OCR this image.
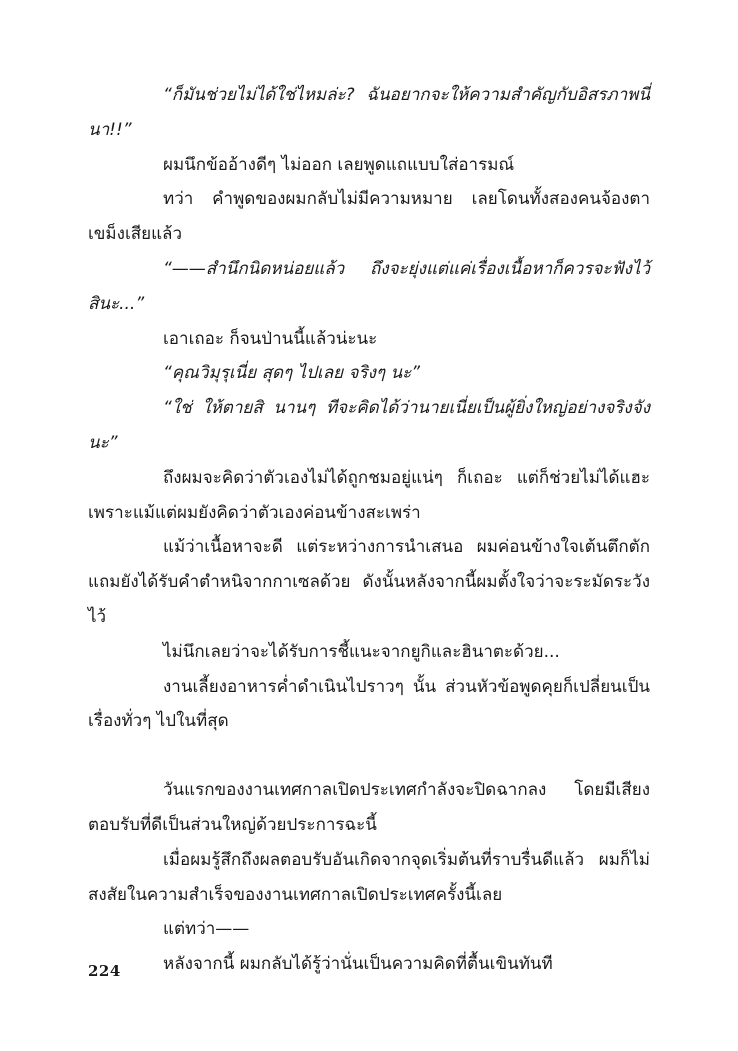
“ก็มันช่วยไม่ได้ใช่ไหมล่ะ? ฉันอยากจะให้ความสำคัญกับอิสรภาพนี่นา!!”

ผมนึกข้ออ้างดีๆ ไม่ออก เลยพูดแถแบบใส่อารมณ์

ทว่า คำพูดของผมกลับไม่มีความหมาย เลยโดนทั้งสองคนจ้องตาเขม็งเสียแล้ว

“——สำนึกนิดหน่อยแล้ว ถึงจะยุ่งแต่แค่เรื่องเนื้อหาก็ควรจะฟังไว้สินะ...”

เอาเถอะ ก็จนป่านนี้แล้วน่ะนะ

“คุณวิมุรุเนี่ย สุดๆ ไปเลย จริงๆ นะ”

“ใช่ ให้ตายสิ นานๆ ทีจะคิดได้ว่านายเนี่ยเป็นผู้ยิ่งใหญ่อย่างจริงจังนะ”

ถึงผมจะคิดว่าตัวเองไม่ได้ถูกชมอยู่แน่ๆ ก็เถอะ แต่ก็ช่วยไม่ได้แฮะ เพราะแม้แต่ผมยังคิดว่าตัวเองค่อนข้างสะเพร่า

แม้ว่าเนื้อหาจะดี แต่ระหว่างการนำเสนอ ผมค่อนข้างใจเต้นตึกตัก แถมยังได้รับคำตำหนิจากกาเซลด้วย ดังนั้นหลังจากนี้ผมตั้งใจว่าจะระมัดระวังไว้

ไม่นึกเลยว่าจะได้รับการชี้แนะจากยูกิและฮินาตะด้วย...

งานเลี้ยงอาหารค่ำดำเนินไปราวๆ นั้น ส่วนหัวข้อพูดคุยก็เปลี่ยนเป็นเรื่องทั่วๆ ไปในที่สุด

วันแรกของงานเทศกาลเปิดประเทศกำลังจะปิดฉากลง โดยมีเสียงตอบรับที่ดีเป็นส่วนใหญ่ด้วยประการฉะนี้

เมื่อผมรู้สึกถึงผลตอบรับอันเกิดจากจุดเริ่มต้นที่ราบรื่นดีแล้ว ผมก็ไม่สงสัยในความสำเร็จของงานเทศกาลเปิดประเทศครั้งนี้เลย

แต่ทว่า——

หลังจากนี้ ผมกลับได้รู้ว่านั่นเป็นความคิดที่ตื้นเขินทันที

224
